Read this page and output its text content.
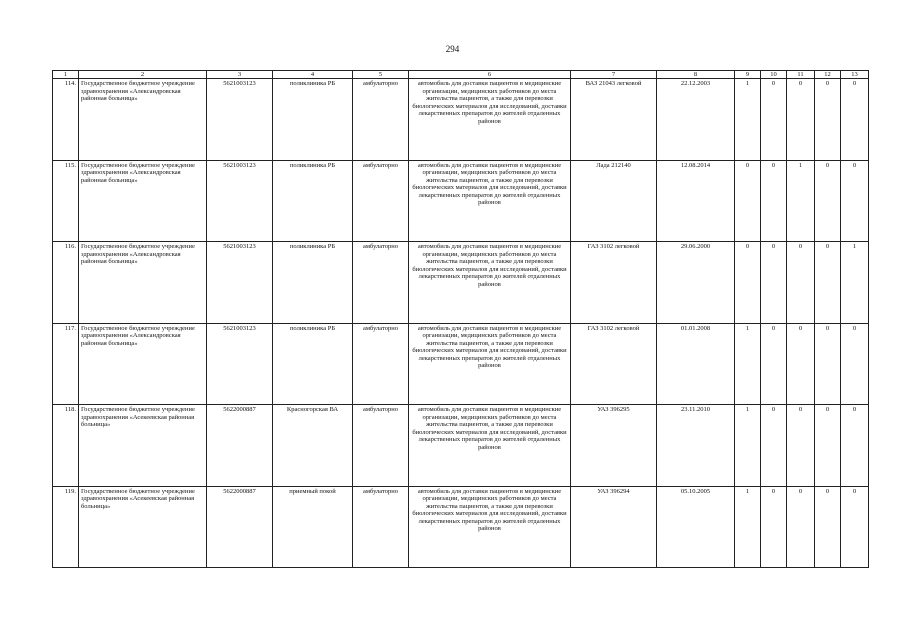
294
1	2	3	4	5	6	7	8	9	10	11	12	13
114.	Государственное бюджетное учреждение здравоохранения «Александровская районная больница»	5621003123	поликлиника РБ	амбулаторно	автомобиль для доставки пациентов в медицинские организации, медицинских работников до места жительства пациентов, а также для перевозки биологических материалов для исследований, доставки лекарственных препаратов до жителей отдаленных районов	ВАЗ 21043 легковой	22.12.2003	1	0	0	0	0
115.	Государственное бюджетное учреждение здравоохранения «Александровская районная больница»	5621003123	поликлиника РБ	амбулаторно	автомобиль для доставки пациентов в медицинские организации, медицинских работников до места жительства пациентов, а также для перевозки биологических материалов для исследований, доставки лекарственных препаратов до жителей отдаленных районов	Лада 212140	12.08.2014	0	0	1	0	0
116.	Государственное бюджетное учреждение здравоохранения «Александровская районная больница»	5621003123	поликлиника РБ	амбулаторно	автомобиль для доставки пациентов в медицинские организации, медицинских работников до места жительства пациентов, а также для перевозки биологических материалов для исследований, доставки лекарственных препаратов до жителей отдаленных районов	ГАЗ 3102 легковой	29.06.2000	0	0	0	0	1
117.	Государственное бюджетное учреждение здравоохранения «Александровская районная больница»	5621003123	поликлиника РБ	амбулаторно	автомобиль для доставки пациентов в медицинские организации, медицинских работников до места жительства пациентов, а также для перевозки биологических материалов для исследований, доставки лекарственных препаратов до жителей отдаленных районов	ГАЗ 3102 легковой	01.01.2008	1	0	0	0	0
118.	Государственное бюджетное учреждение здравоохранения «Асекеевская районная больница»	5622000887	Красногорская ВА	амбулаторно	автомобиль для доставки пациентов в медицинские организации, медицинских работников до места жительства пациентов, а также для перевозки биологических материалов для исследований, доставки лекарственных препаратов до жителей отдаленных районов	УАЗ 396295	23.11.2010	1	0	0	0	0
119.	Государственное бюджетное учреждение здравоохранения «Асекеевская районная больница»	5622000887	приемный покой	амбулаторно	автомобиль для доставки пациентов в медицинские организации, медицинских работников до места жительства пациентов, а также для перевозки биологических материалов для исследований, доставки лекарственных препаратов до жителей отдаленных районов	УАЗ 396294	05.10.2005	1	0	0	0	0
